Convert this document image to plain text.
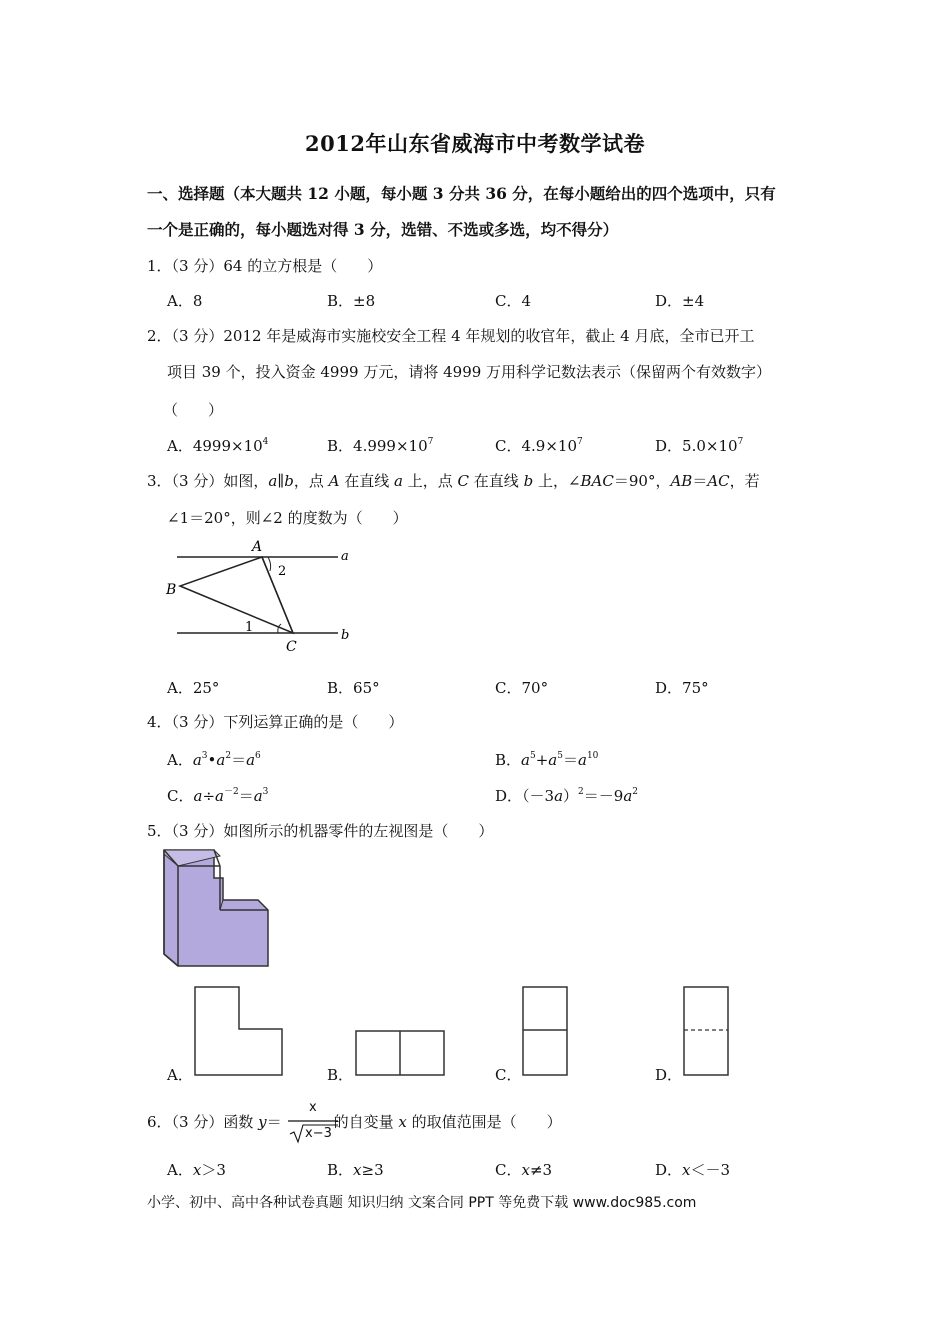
2012年山东省威海市中考数学试卷
一、选择题（本大题共 12 小题，每小题 3 分共 36 分，在每小题给出的四个选项中，只有
一个是正确的，每小题选对得 3 分，选错、不选或多选，均不得分）
1．（3 分）64 的立方根是（　　）
A．8	B．±8	C．4	D．±4
2．（3 分）2012 年是威海市实施校安全工程 4 年规划的收官年，截止 4 月底，全市已开工
项目 39 个，投入资金 4999 万元，请将 4999 万用科学记数法表示（保留两个有效数字）
（　　）
A．$4999\times 10^4$	B．$4.999\times 10^7$	C．$4.9\times 10^7$	D．$5.0\times 10^7$
3．（3 分）如图，a∥b，点 A 在直线 a 上，点 C 在直线 b 上，∠BAC＝90°，AB＝AC，若
∠1＝20°，则∠2 的度数为（　　）
A
B
C
a
b
1
2
A．25°	B．65°	C．70°	D．75°
4．（3 分）下列运算正确的是（　　）
A．$a^3•a^2=a^6$	B．$a^5+a^5=a^{10}$
C．$a\div a^{-2}=a^3$	D．$(-3a)^2=-9a^2$
5．（3 分）如图所示的机器零件的左视图是（　　）
A．	B．	C．	D．
6．（3 分）函数 y＝	的自变量 x 的取值范围是（　　）
x
x−3
A．x＞3	B．x≥3	C．x≠3	D．x＜－3
小学、初中、高中各种试卷真题 知识归纳 文案合同 PPT 等免费下载 www.doc985.com
